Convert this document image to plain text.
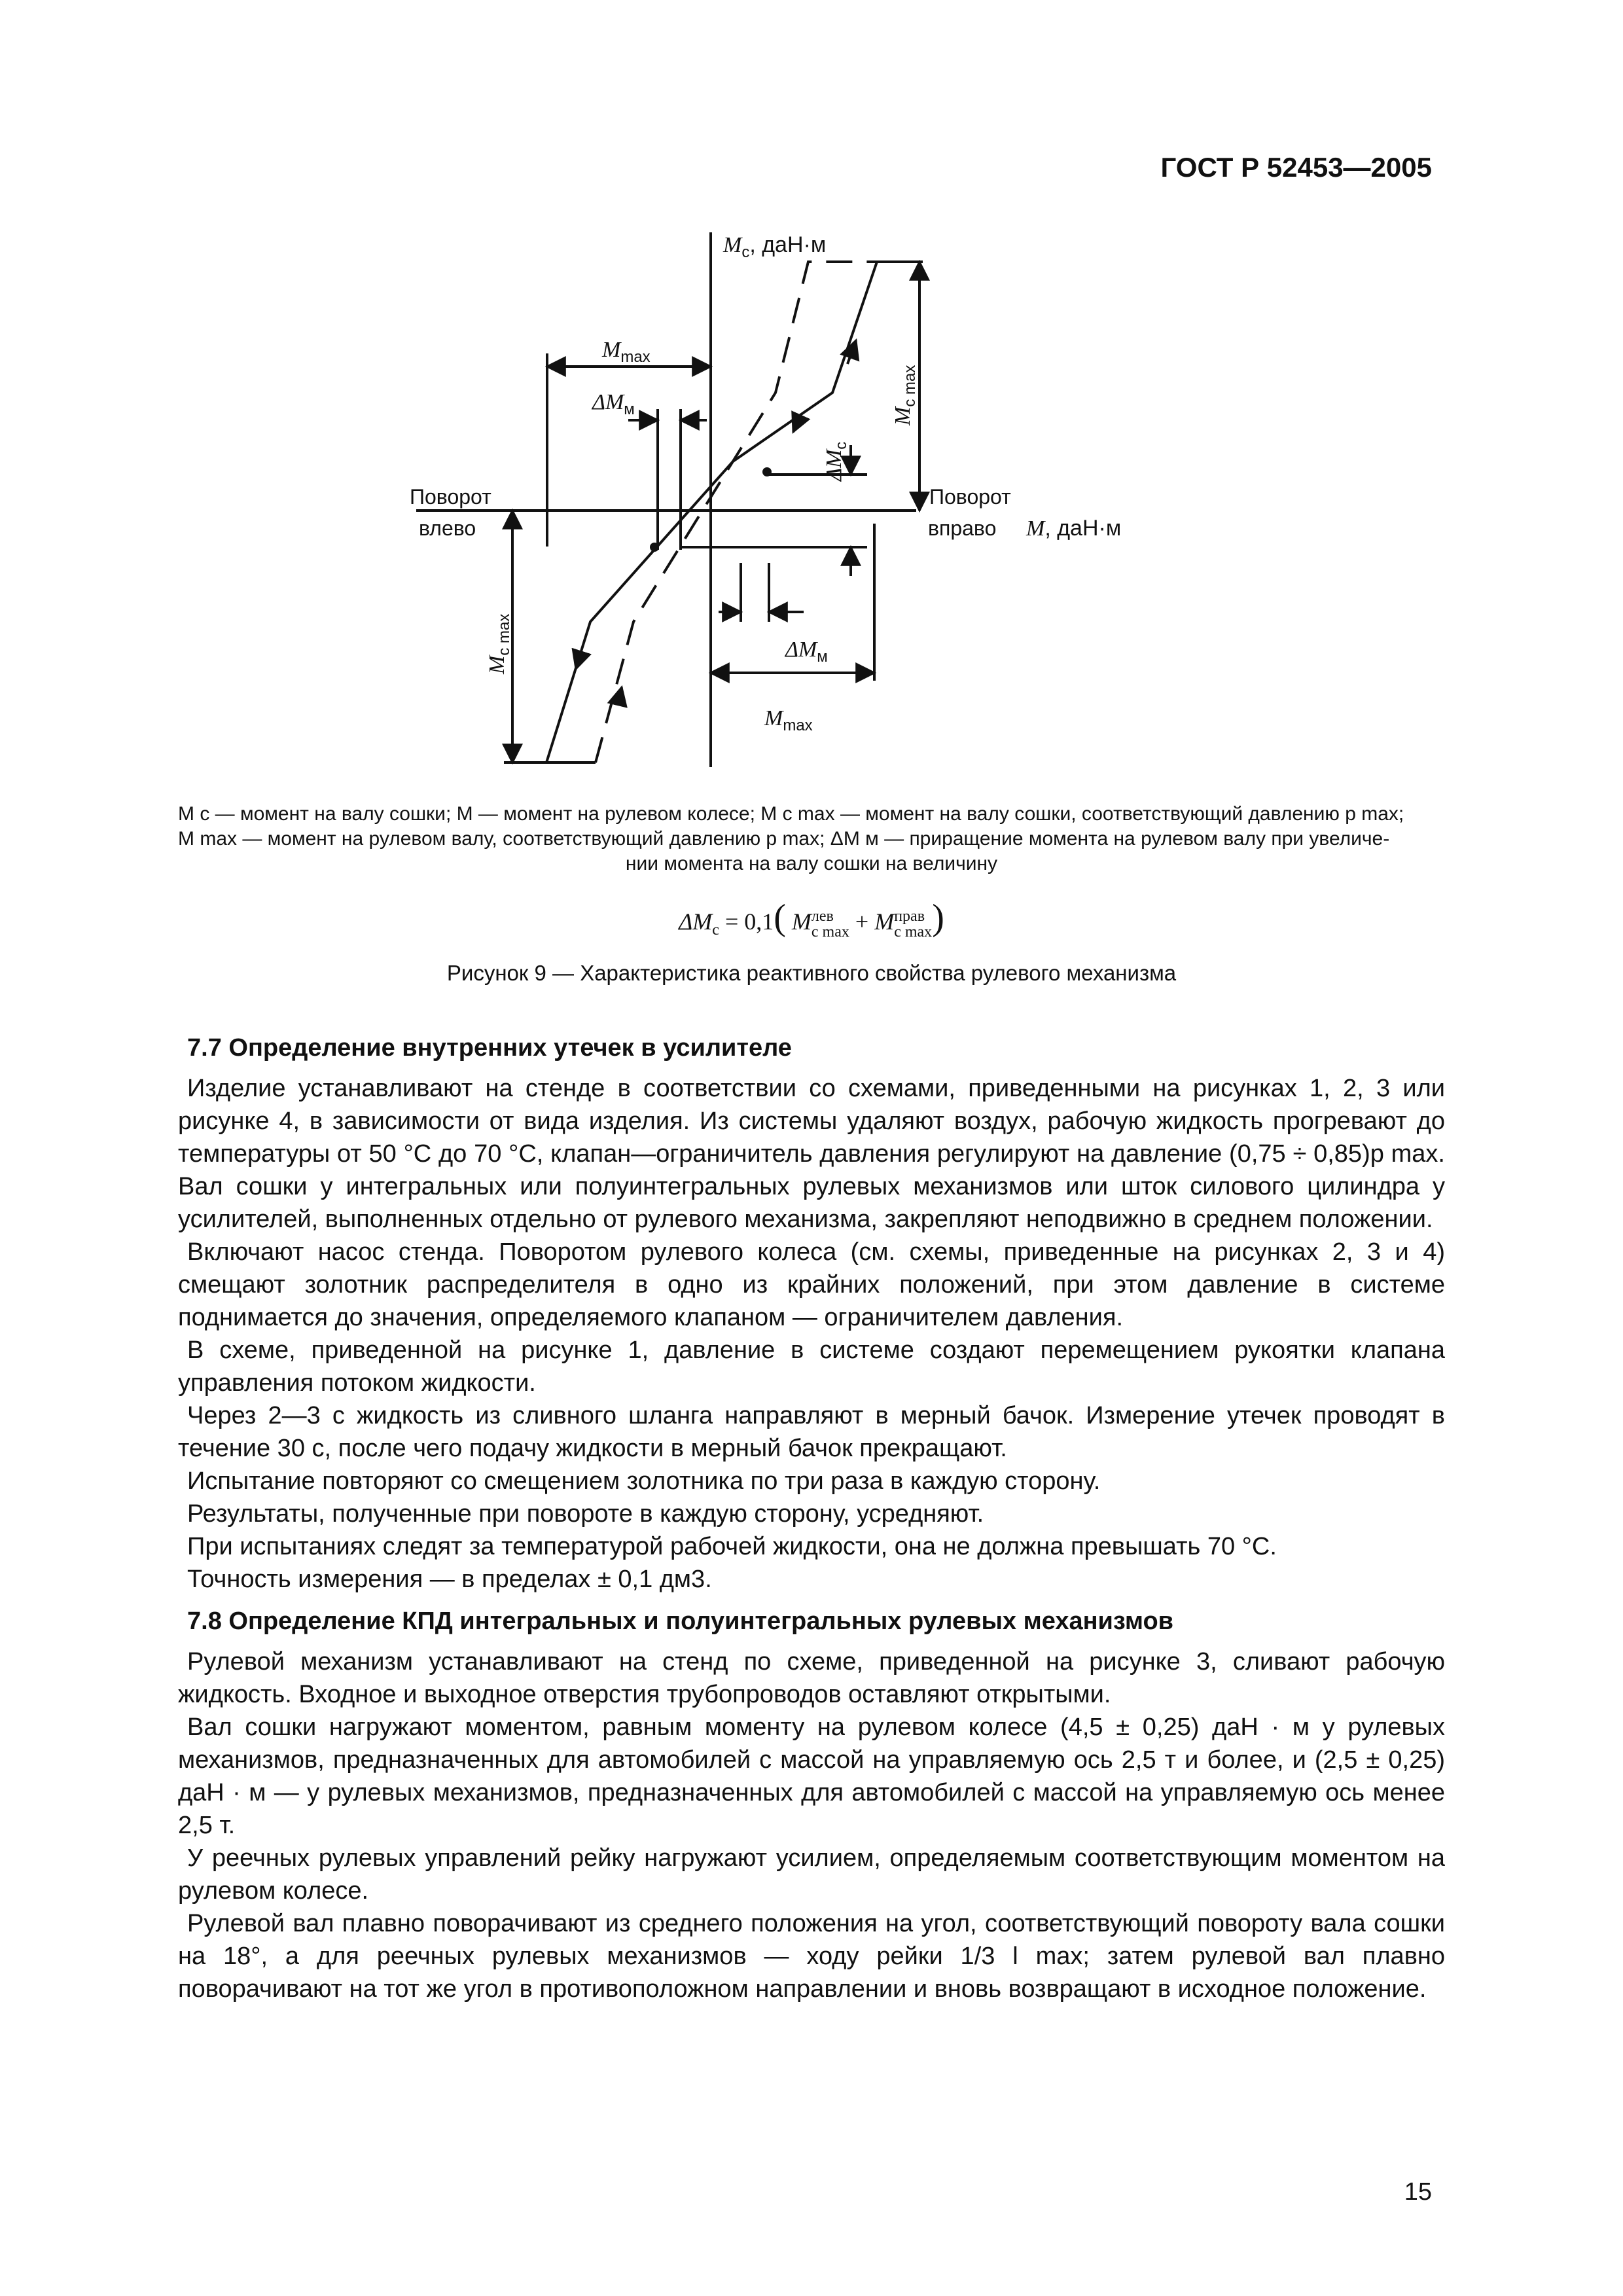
ГОСТ Р 52453—2005
$M_с$, даН·м
$M_{max}$
$\Delta M_м$
$\Delta M_м$
$M_{max}$
Поворот
влево
Поворот
вправо M, даН·м
$\Delta M_с$
$M_{с max}$
$M_{с max}$
M с — момент на валу сошки; M — момент на рулевом колесе; M с max — момент на валу сошки, соответствующий давлению p max;
M max — момент на рулевом валу, соответствующий давлению p max; ΔM м — приращение момента на рулевом валу при увеличе-
нии момента на валу сошки на величину
$\Delta M_с = 0,1$( Mлев
с max + Mправ
с max)
Рисунок 9 — Характеристика реактивного свойства рулевого механизма
7.7 Определение внутренних утечек в усилителе

Изделие устанавливают на стенде в соответствии со схемами, приведенными на рисунках 1, 2, 3 или рисунке 4, в зависимости от вида изделия. Из системы удаляют воздух, рабочую жидкость прогревают до температуры от 50 °С до 70 °С, клапан—ограничитель давления регулируют на давление (0,75 ÷ 0,85)p max. Вал сошки у интегральных или полуинтегральных рулевых механизмов или шток силового цилиндра у усилителей, выполненных отдельно от рулевого механизма, закрепляют неподвижно в среднем положении.

Включают насос стенда. Поворотом рулевого колеса (см. схемы, приведенные на рисунках 2, 3 и 4) смещают золотник распределителя в одно из крайних положений, при этом давление в системе поднимается до значения, определяемого клапаном — ограничителем давления.

В схеме, приведенной на рисунке 1, давление в системе создают перемещением рукоятки клапана управления потоком жидкости.

Через 2—3 с жидкость из сливного шланга направляют в мерный бачок. Измерение утечек проводят в течение 30 с, после чего подачу жидкости в мерный бачок прекращают.

Испытание повторяют со смещением золотника по три раза в каждую сторону.

Результаты, полученные при повороте в каждую сторону, усредняют.

При испытаниях следят за температурой рабочей жидкости, она не должна превышать 70 °С.

Точность измерения — в пределах ± 0,1 дм3.

7.8 Определение КПД интегральных и полуинтегральных рулевых механизмов

Рулевой механизм устанавливают на стенд по схеме, приведенной на рисунке 3, сливают рабочую жидкость. Входное и выходное отверстия трубопроводов оставляют открытыми.

Вал сошки нагружают моментом, равным моменту на рулевом колесе (4,5 ± 0,25) даН · м у рулевых механизмов, предназначенных для автомобилей с массой на управляемую ось 2,5 т и более, и (2,5 ± 0,25) даН · м — у рулевых механизмов, предназначенных для автомобилей с массой на управляемую ось менее 2,5 т.

У реечных рулевых управлений рейку нагружают усилием, определяемым соответствующим моментом на рулевом колесе.

Рулевой вал плавно поворачивают из среднего положения на угол, соответствующий повороту вала сошки на 18°, а для реечных рулевых механизмов — ходу рейки 1/3 l max; затем рулевой вал плавно поворачивают на тот же угол в противоположном направлении и вновь возвращают в исходное положение.

15
